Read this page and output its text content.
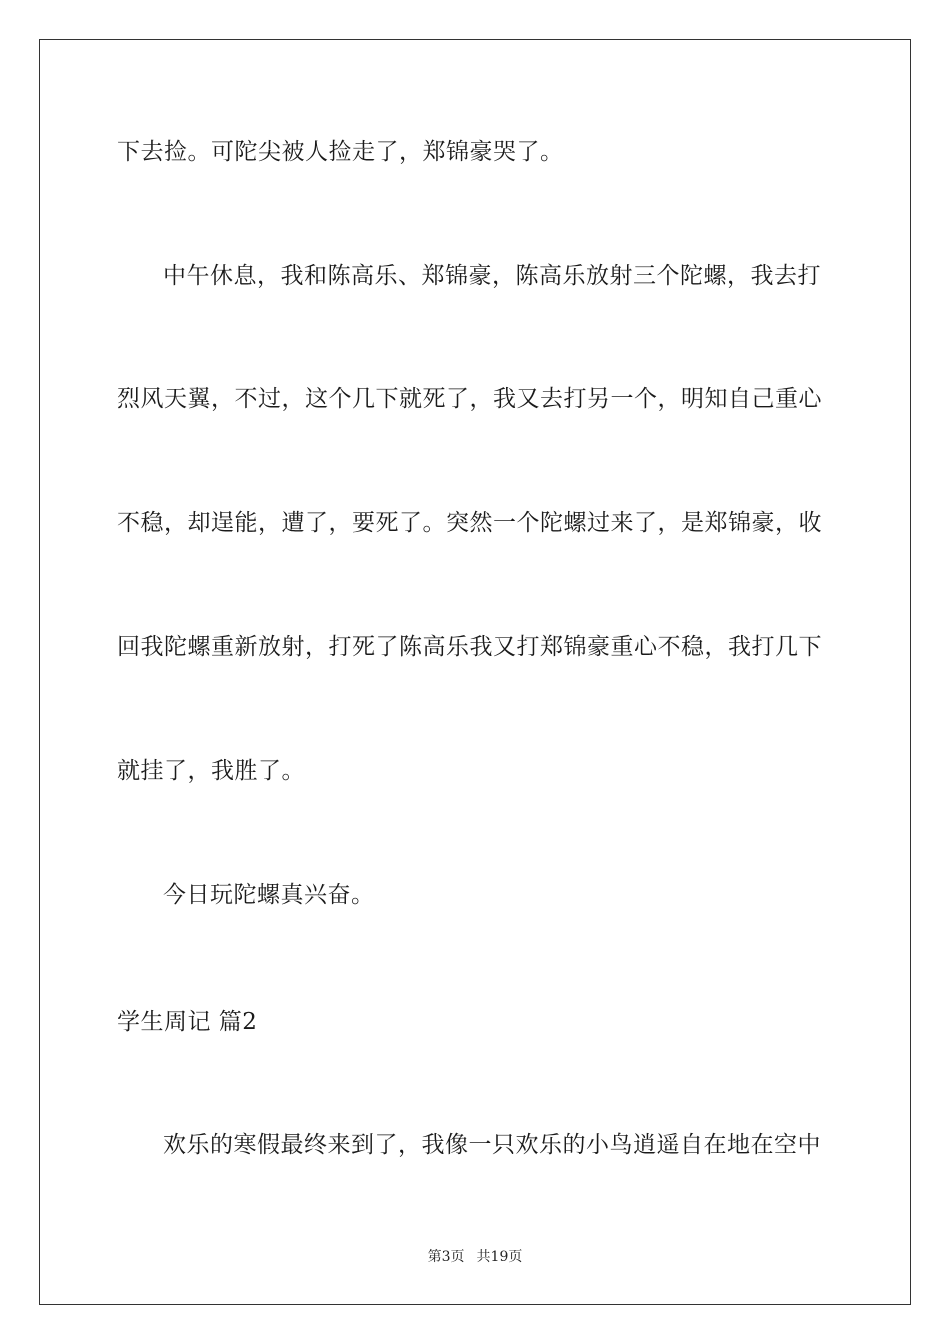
下去捡。可陀尖被人捡走了，郑锦豪哭了。
中午休息，我和陈高乐、郑锦豪，陈高乐放射三个陀螺，我去打
烈风天翼，不过，这个几下就死了，我又去打另一个，明知自己重心
不稳，却逞能，遭了，要死了。突然一个陀螺过来了，是郑锦豪，收
回我陀螺重新放射，打死了陈高乐我又打郑锦豪重心不稳，我打几下
就挂了，我胜了。
今日玩陀螺真兴奋。
学生周记 篇2
欢乐的寒假最终来到了，我像一只欢乐的小鸟逍遥自在地在空中
第3页 共19页
